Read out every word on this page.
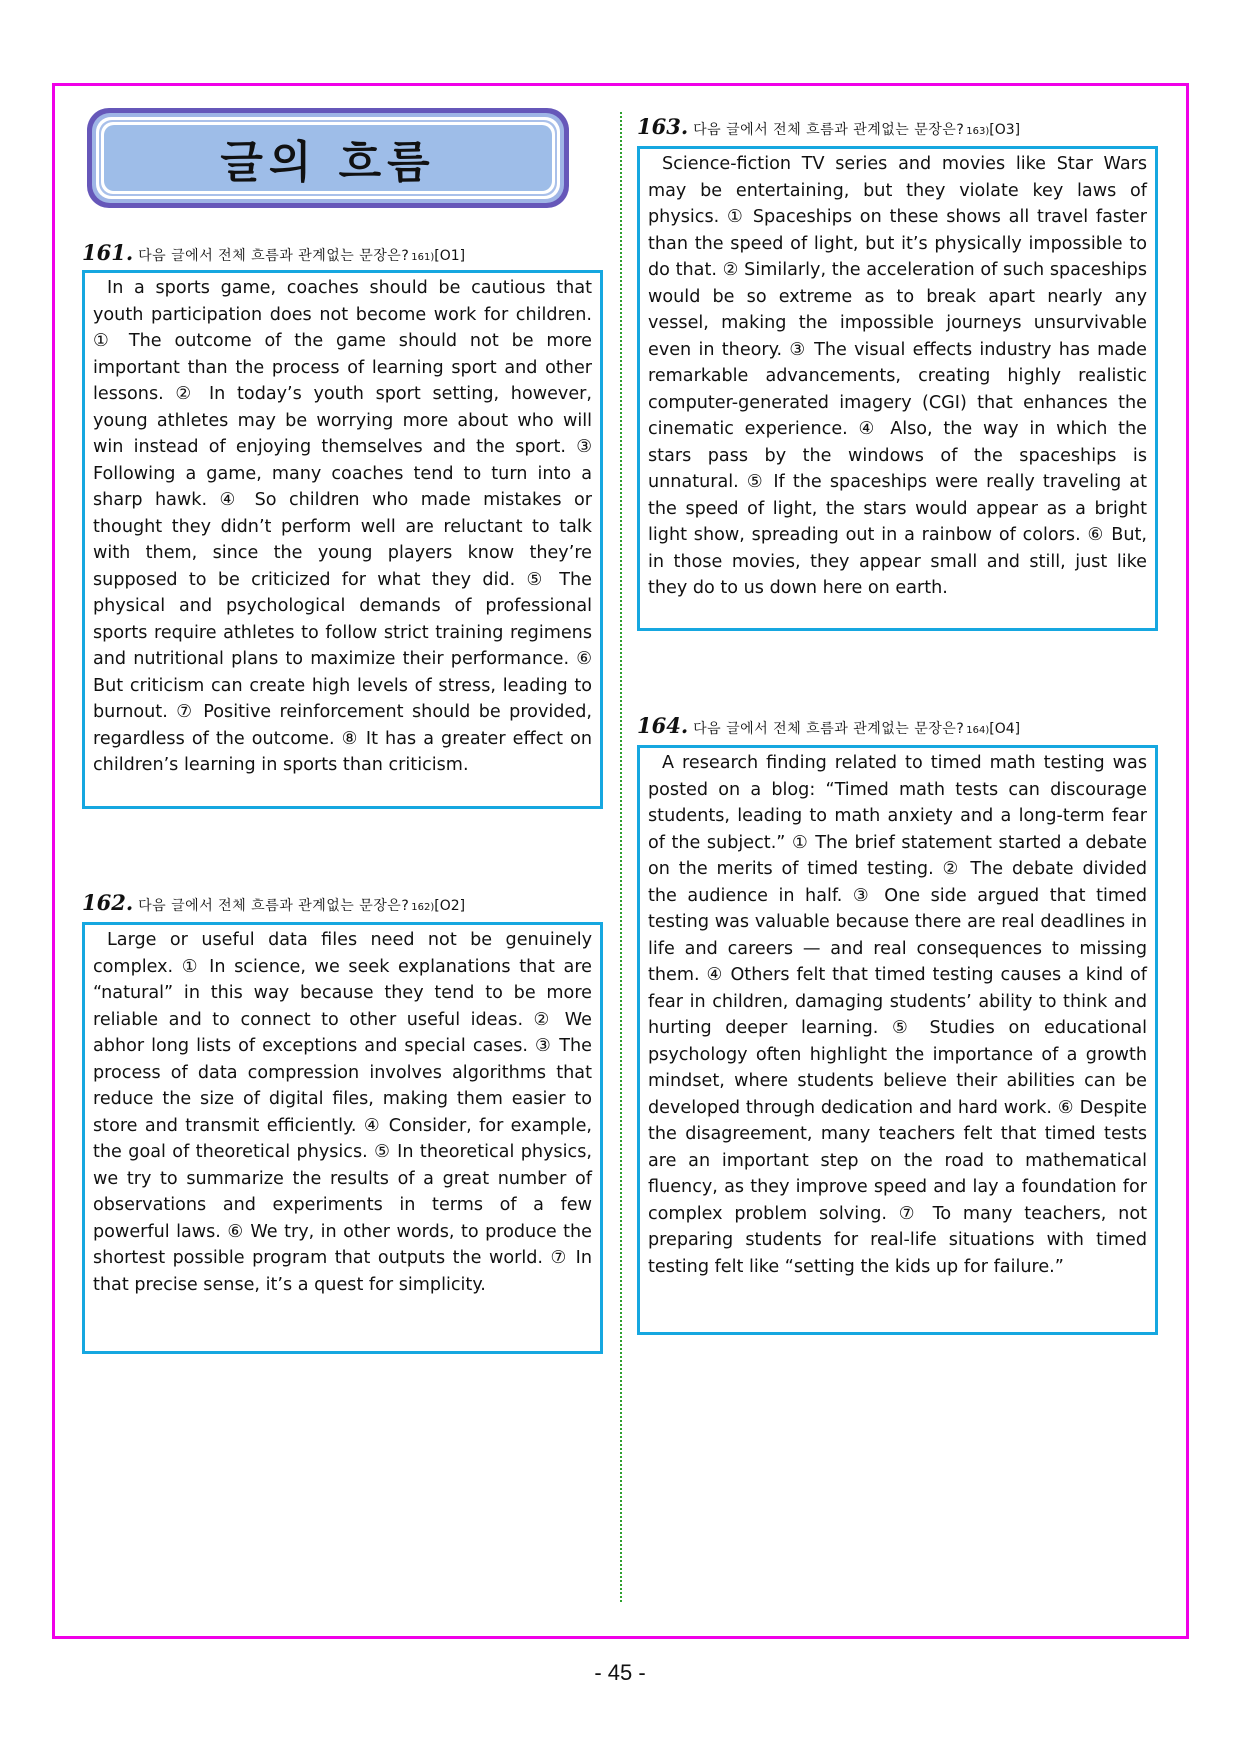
글의 흐름
161. 다음 글에서 전체 흐름과 관계없는 문장은? 161) [O1]
In a sports game, coaches should be cautious that youth participation does not become work for children. ① The outcome of the game should not be more important than the process of learning sport and other lessons. ② In today’s youth sport setting, however, young athletes may be worrying more about who will win instead of enjoying themselves and the sport. ③ Following a game, many coaches tend to turn into a sharp hawk. ④ So children who made mistakes or thought they didn’t perform well are reluctant to talk with them, since the young players know they’re supposed to be criticized for what they did. ⑤ The physical and psychological demands of professional sports require athletes to follow strict training regimens and nutritional plans to maximize their performance. ⑥ But criticism can create high levels of stress, leading to burnout. ⑦ Positive reinforcement should be provided, regardless of the outcome. ⑧ It has a greater effect on children’s learning in sports than criticism.
162. 다음 글에서 전체 흐름과 관계없는 문장은? 162) [O2]
Large or useful data files need not be genuinely complex. ① In science, we seek explanations that are “natural” in this way because they tend to be more reliable and to connect to other useful ideas. ② We abhor long lists of exceptions and special cases. ③ The process of data compression involves algorithms that reduce the size of digital files, making them easier to store and transmit efficiently. ④ Consider, for example, the goal of theoretical physics. ⑤ In theoretical physics, we try to summarize the results of a great number of observations and experiments in terms of a few powerful laws. ⑥ We try, in other words, to produce the shortest possible program that outputs the world. ⑦ In that precise sense, it’s a quest for simplicity.
163. 다음 글에서 전체 흐름과 관계없는 문장은? 163) [O3]
Science-fiction TV series and movies like Star Wars may be entertaining, but they violate key laws of physics. ① Spaceships on these shows all travel faster than the speed of light, but it’s physically impossible to do that. ② Similarly, the acceleration of such spaceships would be so extreme as to break apart nearly any vessel, making the impossible journeys unsurvivable even in theory. ③ The visual effects industry has made remarkable advancements, creating highly realistic computer-generated imagery (CGI) that enhances the cinematic experience. ④ Also, the way in which the stars pass by the windows of the spaceships is unnatural. ⑤ If the spaceships were really traveling at the speed of light, the stars would appear as a bright light show, spreading out in a rainbow of colors. ⑥ But, in those movies, they appear small and still, just like they do to us down here on earth.
164. 다음 글에서 전체 흐름과 관계없는 문장은? 164) [O4]
A research finding related to timed math testing was posted on a blog: “Timed math tests can discourage students, leading to math anxiety and a long-term fear of the subject.” ① The brief statement started a debate on the merits of timed testing. ② The debate divided the audience in half. ③ One side argued that timed testing was valuable because there are real deadlines in life and careers — and real consequences to missing them. ④ Others felt that timed testing causes a kind of fear in children, damaging students’ ability to think and hurting deeper learning. ⑤ Studies on educational psychology often highlight the importance of a growth mindset, where students believe their abilities can be developed through dedication and hard work. ⑥ Despite the disagreement, many teachers felt that timed tests are an important step on the road to mathematical fluency, as they improve speed and lay a foundation for complex problem solving. ⑦ To many teachers, not preparing students for real-life situations with timed testing felt like “setting the kids up for failure.”
- 45 -
